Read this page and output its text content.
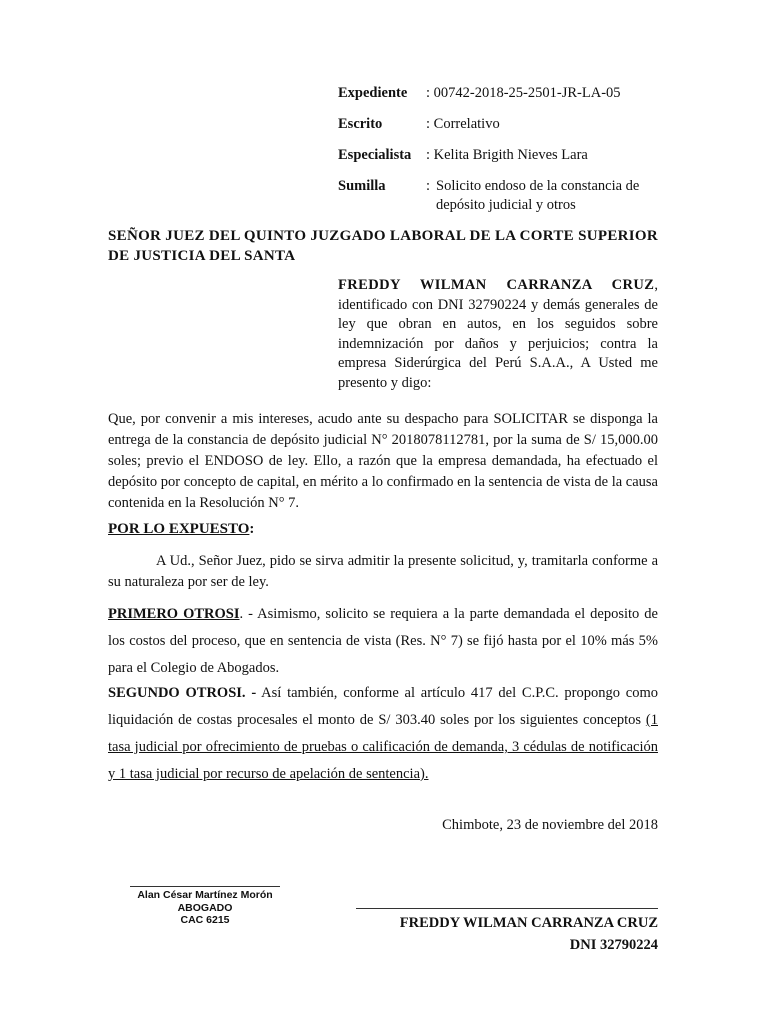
Expediente	: 00742-2018-25-2501-JR-LA-05
Escrito	: Correlativo
Especialista	: Kelita Brigith Nieves Lara
Sumilla	: Solicito endoso de la constancia de depósito judicial y otros
SEÑOR JUEZ DEL QUINTO JUZGADO LABORAL DE LA CORTE SUPERIOR DE JUSTICIA DEL SANTA
FREDDY WILMAN CARRANZA CRUZ, identificado con DNI 32790224 y demás generales de ley que obran en autos, en los seguidos sobre indemnización por daños y perjuicios; contra la empresa Siderúrgica del Perú S.A.A., A Usted me presento y digo:
Que, por convenir a mis intereses, acudo ante su despacho para SOLICITAR se disponga la entrega de la constancia de depósito judicial N° 2018078112781, por la suma de S/ 15,000.00 soles; previo el ENDOSO de ley. Ello, a razón que la empresa demandada, ha efectuado el depósito por concepto de capital, en mérito a lo confirmado en la sentencia de vista de la causa contenida en la Resolución N° 7.
POR LO EXPUESTO:
A Ud., Señor Juez, pido se sirva admitir la presente solicitud, y, tramitarla conforme a su naturaleza por ser de ley.
PRIMERO OTROSI. - Asimismo, solicito se requiera a la parte demandada el deposito de los costos del proceso, que en sentencia de vista (Res. N° 7) se fijó hasta por el 10% más 5% para el Colegio de Abogados.
SEGUNDO OTROSI. - Así también, conforme al artículo 417 del C.P.C. propongo como liquidación de costas procesales el monto de S/ 303.40 soles por los siguientes conceptos (1 tasa judicial por ofrecimiento de pruebas o calificación de demanda, 3 cédulas de notificación y 1 tasa judicial por recurso de apelación de sentencia).
Chimbote, 23 de noviembre del 2018
Alan César Martínez Morón
ABOGADO
CAC 6215	FREDDY WILMAN CARRANZA CRUZ
DNI 32790224
